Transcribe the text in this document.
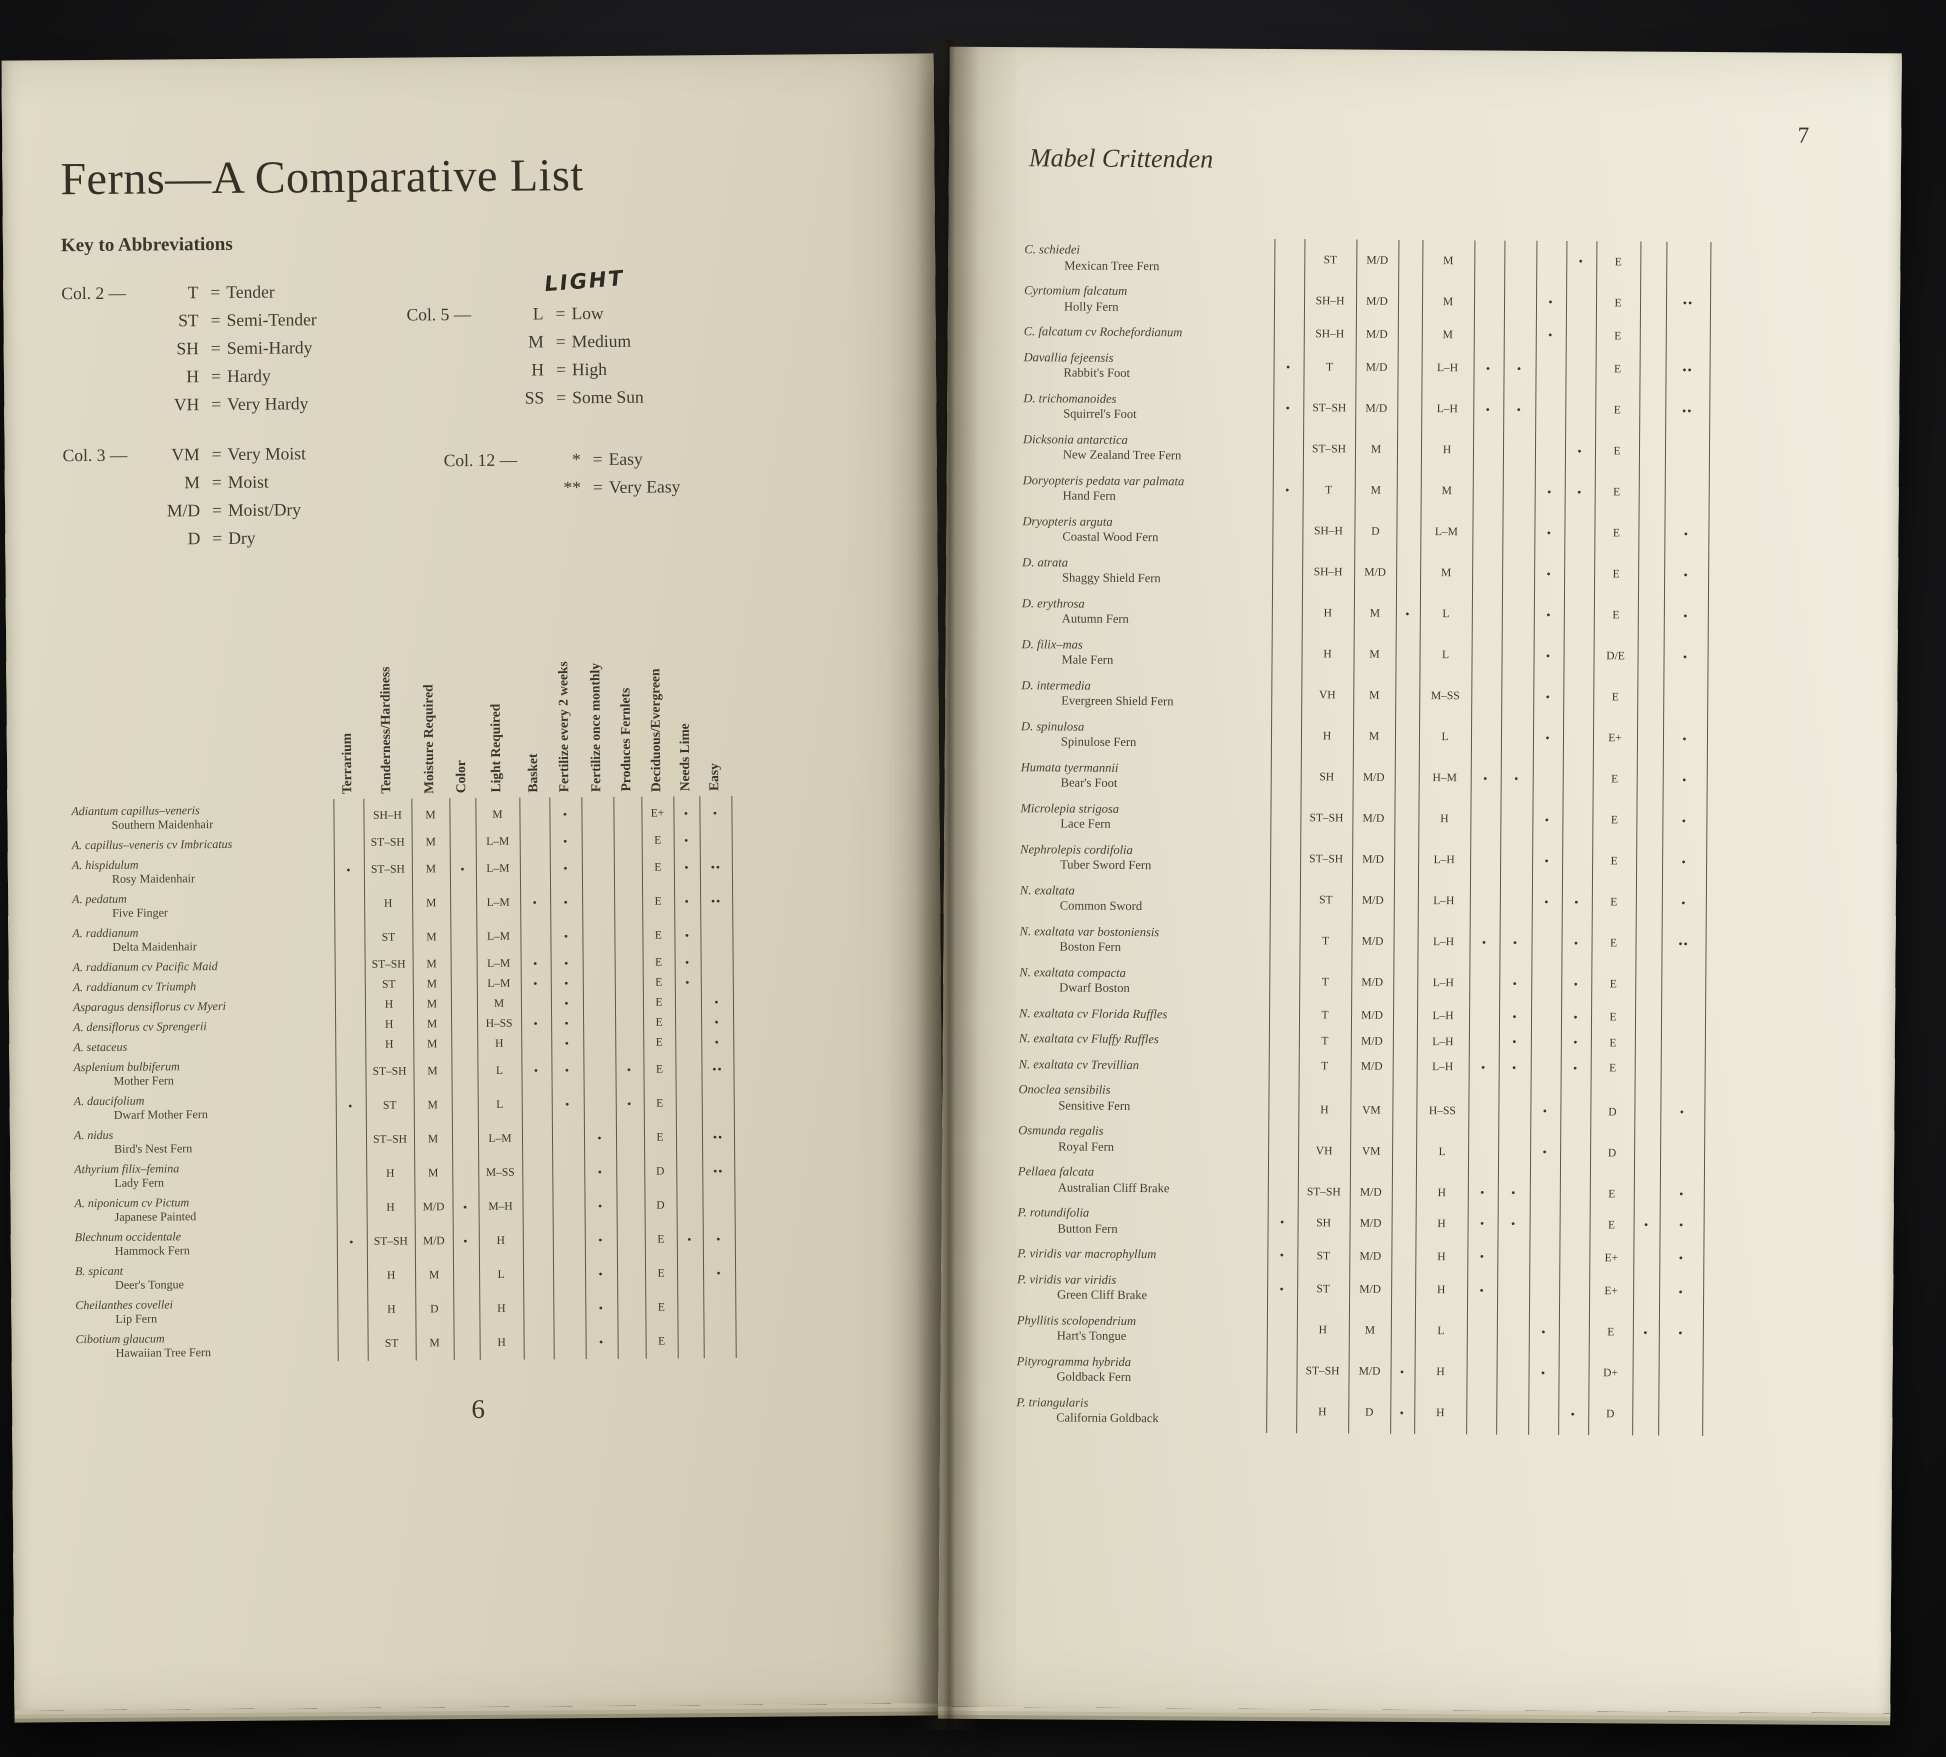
Ferns—A Comparative List
Key to Abbreviations
Col. 2 —	T = Tender
ST = Semi-Tender
SH = Semi-Hardy
H = Hardy
VH = Very Hardy
Col. 3 —	VM = Very Moist
M = Moist
M/D = Moist/Dry
D = Dry
LIGHT
Col. 5 —	L = Low
M = Medium
H = High
SS = Some Sun
Col. 12 —	* = Easy
** = Very Easy
	Terrarium	Tenderness/Hardiness	Moisture Required	Color	Light Required	Basket	Fertilize every 2 weeks	Fertilize once monthly	Produces Fernlets	Deciduous/Evergreen	Needs Lime	Easy

Adiantum capillus–veneris
Southern Maidenhair		SH–H	M		M		•			E+	•	•

A. capillus–veneris cv Imbricatus		ST–SH	M		L–M		•			E	•	

A. hispidulum
Rosy Maidenhair	•	ST–SH	M	•	L–M		•			E	•	••

A. pedatum
Five Finger		H	M		L–M	•	•			E	•	••

A. raddianum
Delta Maidenhair		ST	M		L–M		•			E	•	

A. raddianum cv Pacific Maid		ST–SH	M		L–M	•	•			E	•	

A. raddianum cv Triumph		ST	M		L–M	•	•			E	•	

Asparagus densiflorus cv Myeri		H	M		M		•			E		•

A. densiflorus cv Sprengerii		H	M		H–SS	•	•			E		•

A. setaceus		H	M		H		•			E		•

Asplenium bulbiferum
Mother Fern		ST–SH	M		L	•	•		•	E		••

A. daucifolium
Dwarf Mother Fern	•	ST	M		L		•		•	E		

A. nidus
Bird's Nest Fern		ST–SH	M		L–M			•		E		••

Athyrium filix–femina
Lady Fern		H	M		M–SS			•		D		••

A. niponicum cv Pictum
Japanese Painted		H	M/D	•	M–H			•		D		

Blechnum occidentale
Hammock Fern	•	ST–SH	M/D	•	H			•		E	•	•

B. spicant
Deer's Tongue		H	M		L			•		E		•

Cheilanthes covellei
Lip Fern		H	D		H			•		E		

Cibotium glaucum
Hawaiian Tree Fern		ST	M		H			•		E		
6
Mabel Crittenden
7
C. schiedei
Mexican Tree Fern		ST	M/D		M				•	E		

Cyrtomium falcatum
Holly Fern		SH–H	M/D		M			•		E		••

C. falcatum cv Rochefordianum		SH–H	M/D		M			•		E		

Davallia fejeensis
Rabbit's Foot	•	T	M/D		L–H	•	•			E		••

D. trichomanoides
Squirrel's Foot	•	ST–SH	M/D		L–H	•	•			E		••

Dicksonia antarctica
New Zealand Tree Fern		ST–SH	M		H				•	E		

Doryopteris pedata var palmata
Hand Fern	•	T	M		M			•	•	E		

Dryopteris arguta
Coastal Wood Fern		SH–H	D		L–M			•		E		•

D. atrata
Shaggy Shield Fern		SH–H	M/D		M			•		E		•

D. erythrosa
Autumn Fern		H	M	•	L			•		E		•

D. filix–mas
Male Fern		H	M		L			•		D/E		•

D. intermedia
Evergreen Shield Fern		VH	M		M–SS			•		E		

D. spinulosa
Spinulose Fern		H	M		L			•		E+		•

Humata tyermannii
Bear's Foot		SH	M/D		H–M	•	•			E		•

Microlepia strigosa
Lace Fern		ST–SH	M/D		H			•		E		•

Nephrolepis cordifolia
Tuber Sword Fern		ST–SH	M/D		L–H			•		E		•

N. exaltata
Common Sword		ST	M/D		L–H			•	•	E		•

N. exaltata var bostoniensis
Boston Fern		T	M/D		L–H	•	•		•	E		••

N. exaltata compacta
Dwarf Boston		T	M/D		L–H		•		•	E		

N. exaltata cv Florida Ruffles		T	M/D		L–H		•		•	E		

N. exaltata cv Fluffy Ruffles		T	M/D		L–H		•		•	E		

N. exaltata cv Trevillian		T	M/D		L–H	•	•		•	E		

Onoclea sensibilis
Sensitive Fern		H	VM		H–SS			•		D		•

Osmunda regalis
Royal Fern		VH	VM		L			•		D		

Pellaea falcata
Australian Cliff Brake		ST–SH	M/D		H	•	•			E		•

P. rotundifolia
Button Fern	•	SH	M/D		H	•	•			E	•	•

P. viridis var macrophyllum	•	ST	M/D		H	•				E+		•

P. viridis var viridis
Green Cliff Brake	•	ST	M/D		H	•				E+		•

Phyllitis scolopendrium
Hart's Tongue		H	M		L			•		E	•	•

Pityrogramma hybrida
Goldback Fern		ST–SH	M/D	•	H			•		D+		

P. triangularis
California Goldback		H	D	•	H				•	D		
